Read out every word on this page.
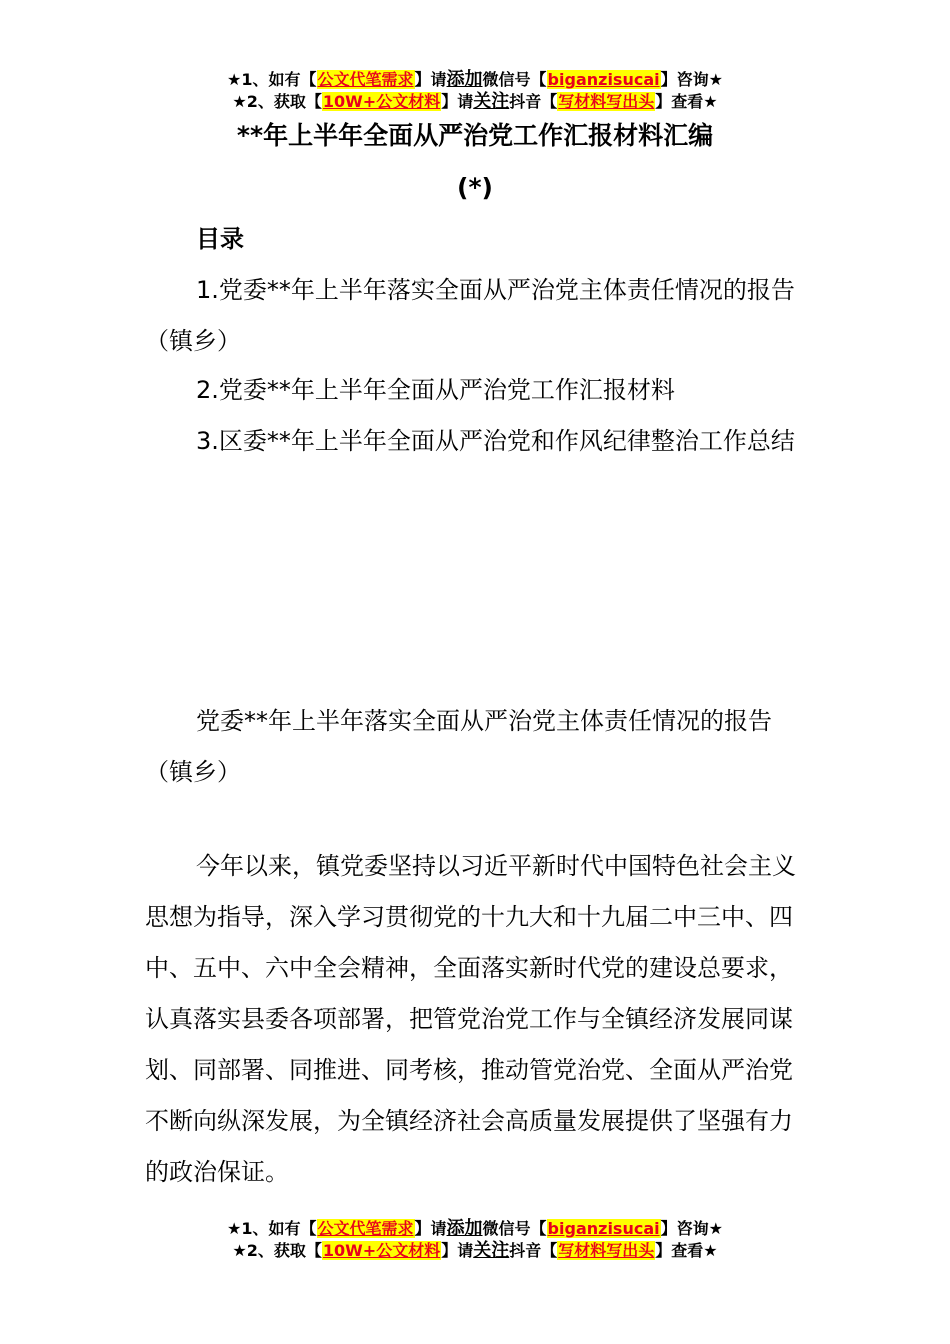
★1、如有【公文代笔需求】请添加微信号【biganzisucai】咨询★
★2、获取【10W+公文材料】请关注抖音【写材料写出头】查看★
**年上半年全面从严治党工作汇报材料汇编
(*)

目录

1.党委**年上半年落实全面从严治党主体责任情况的报告（镇乡）

2.党委**年上半年全面从严治党工作汇报材料

3.区委**年上半年全面从严治党和作风纪律整治工作总结

党委**年上半年落实全面从严治党主体责任情况的报告（镇乡）

今年以来，镇党委坚持以习近平新时代中国特色社会主义思想为指导，深入学习贯彻党的十九大和十九届二中三中、四中、五中、六中全会精神，全面落实新时代党的建设总要求，认真落实县委各项部署，把管党治党工作与全镇经济发展同谋划、同部署、同推进、同考核，推动管党治党、全面从严治党不断向纵深发展，为全镇经济社会高质量发展提供了坚强有力的政治保证。

★1、如有【公文代笔需求】请添加微信号【biganzisucai】咨询★
★2、获取【10W+公文材料】请关注抖音【写材料写出头】查看★
